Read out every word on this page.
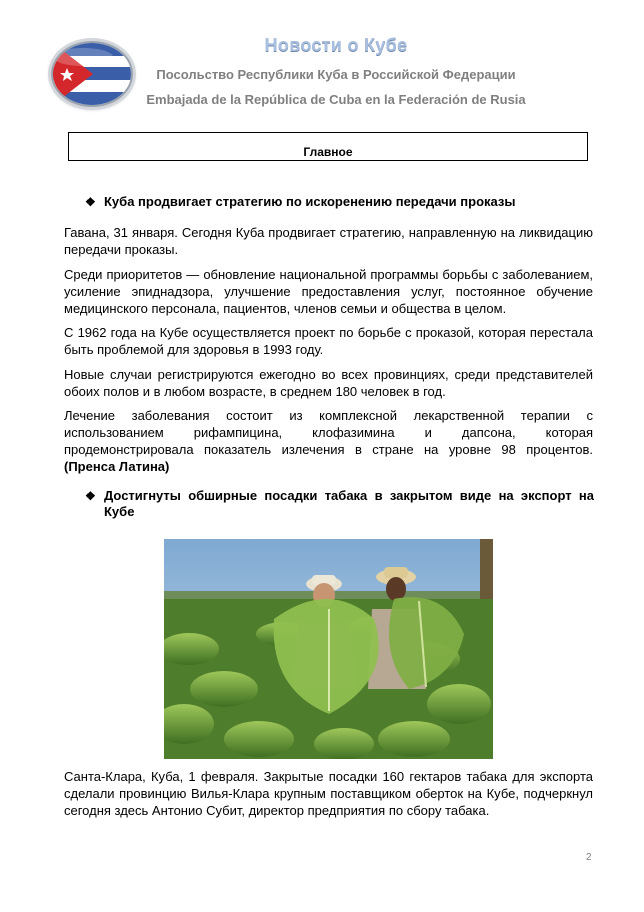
Новости о Кубе
Посольство Республики Куба в Российской Федерации
Embajada de la República de Cuba en la Federación de Rusia
Главное
❖ Куба продвигает стратегию по искоренению передачи проказы
Гавана, 31 января. Сегодня Куба продвигает стратегию, направленную на ликвидацию передачи проказы.
Среди приоритетов — обновление национальной программы борьбы с заболеванием, усиление эпиднадзора, улучшение предоставления услуг, постоянное обучение медицинского персонала, пациентов, членов семьи и общества в целом.
С 1962 года на Кубе осуществляется проект по борьбе с проказой, которая перестала быть проблемой для здоровья в 1993 году.
Новые случаи регистрируются ежегодно во всех провинциях, среди представителей обоих полов и в любом возрасте, в среднем 180 человек в год.
Лечение заболевания состоит из комплексной лекарственной терапии с использованием рифампицина, клофазимина и дапсона, которая продемонстрировала показатель излечения в стране на уровне 98 процентов. (Пренса Латина)
❖ Достигнуты обширные посадки табака в закрытом виде на экспорт на Кубе
Санта-Клара, Куба, 1 февраля. Закрытые посадки 160 гектаров табака для экспорта сделали провинцию Вилья-Клара крупным поставщиком оберток на Кубе, подчеркнул сегодня здесь Антонио Субит, директор предприятия по сбору табака.
2
